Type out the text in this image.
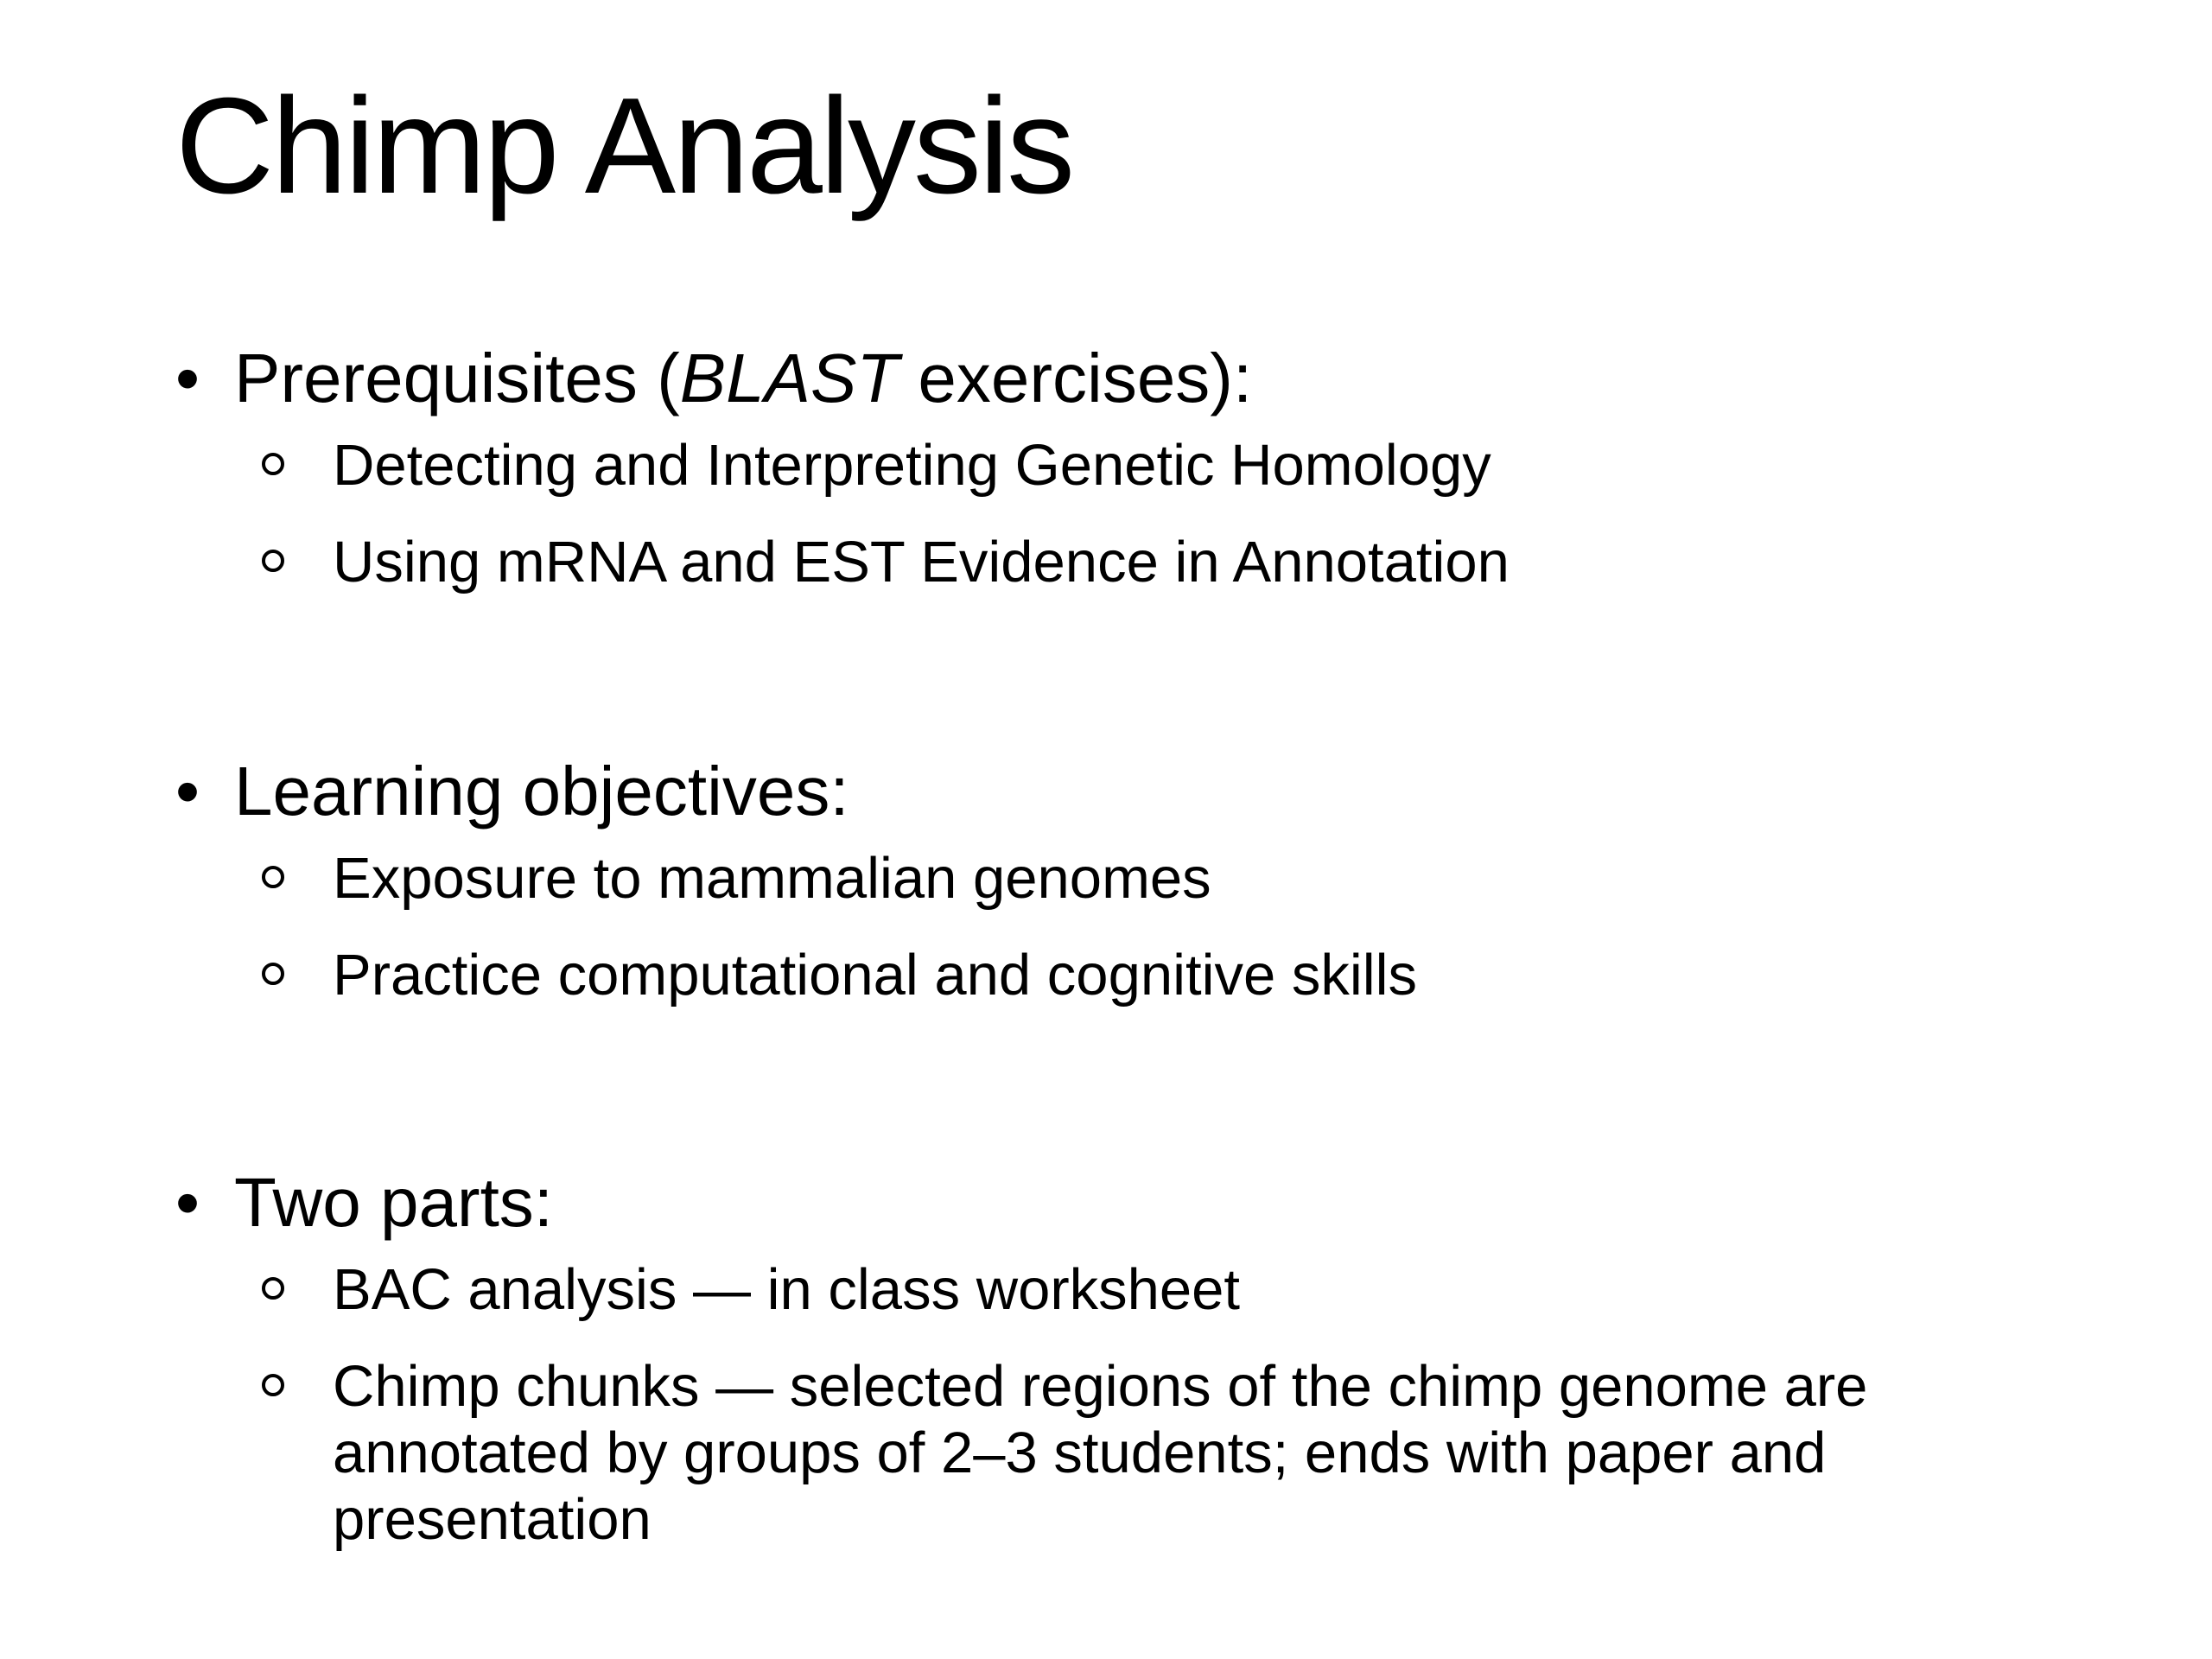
Chimp Analysis
• Prerequisites (BLAST exercises):
Detecting and Interpreting Genetic Homology
Using mRNA and EST Evidence in Annotation
• Learning objectives:
Exposure to mammalian genomes
Practice computational and cognitive skills
• Two parts:
BAC analysis — in class worksheet
Chimp chunks — selected regions of the chimp genome are annotated by groups of 2–3 students; ends with paper and presentation
